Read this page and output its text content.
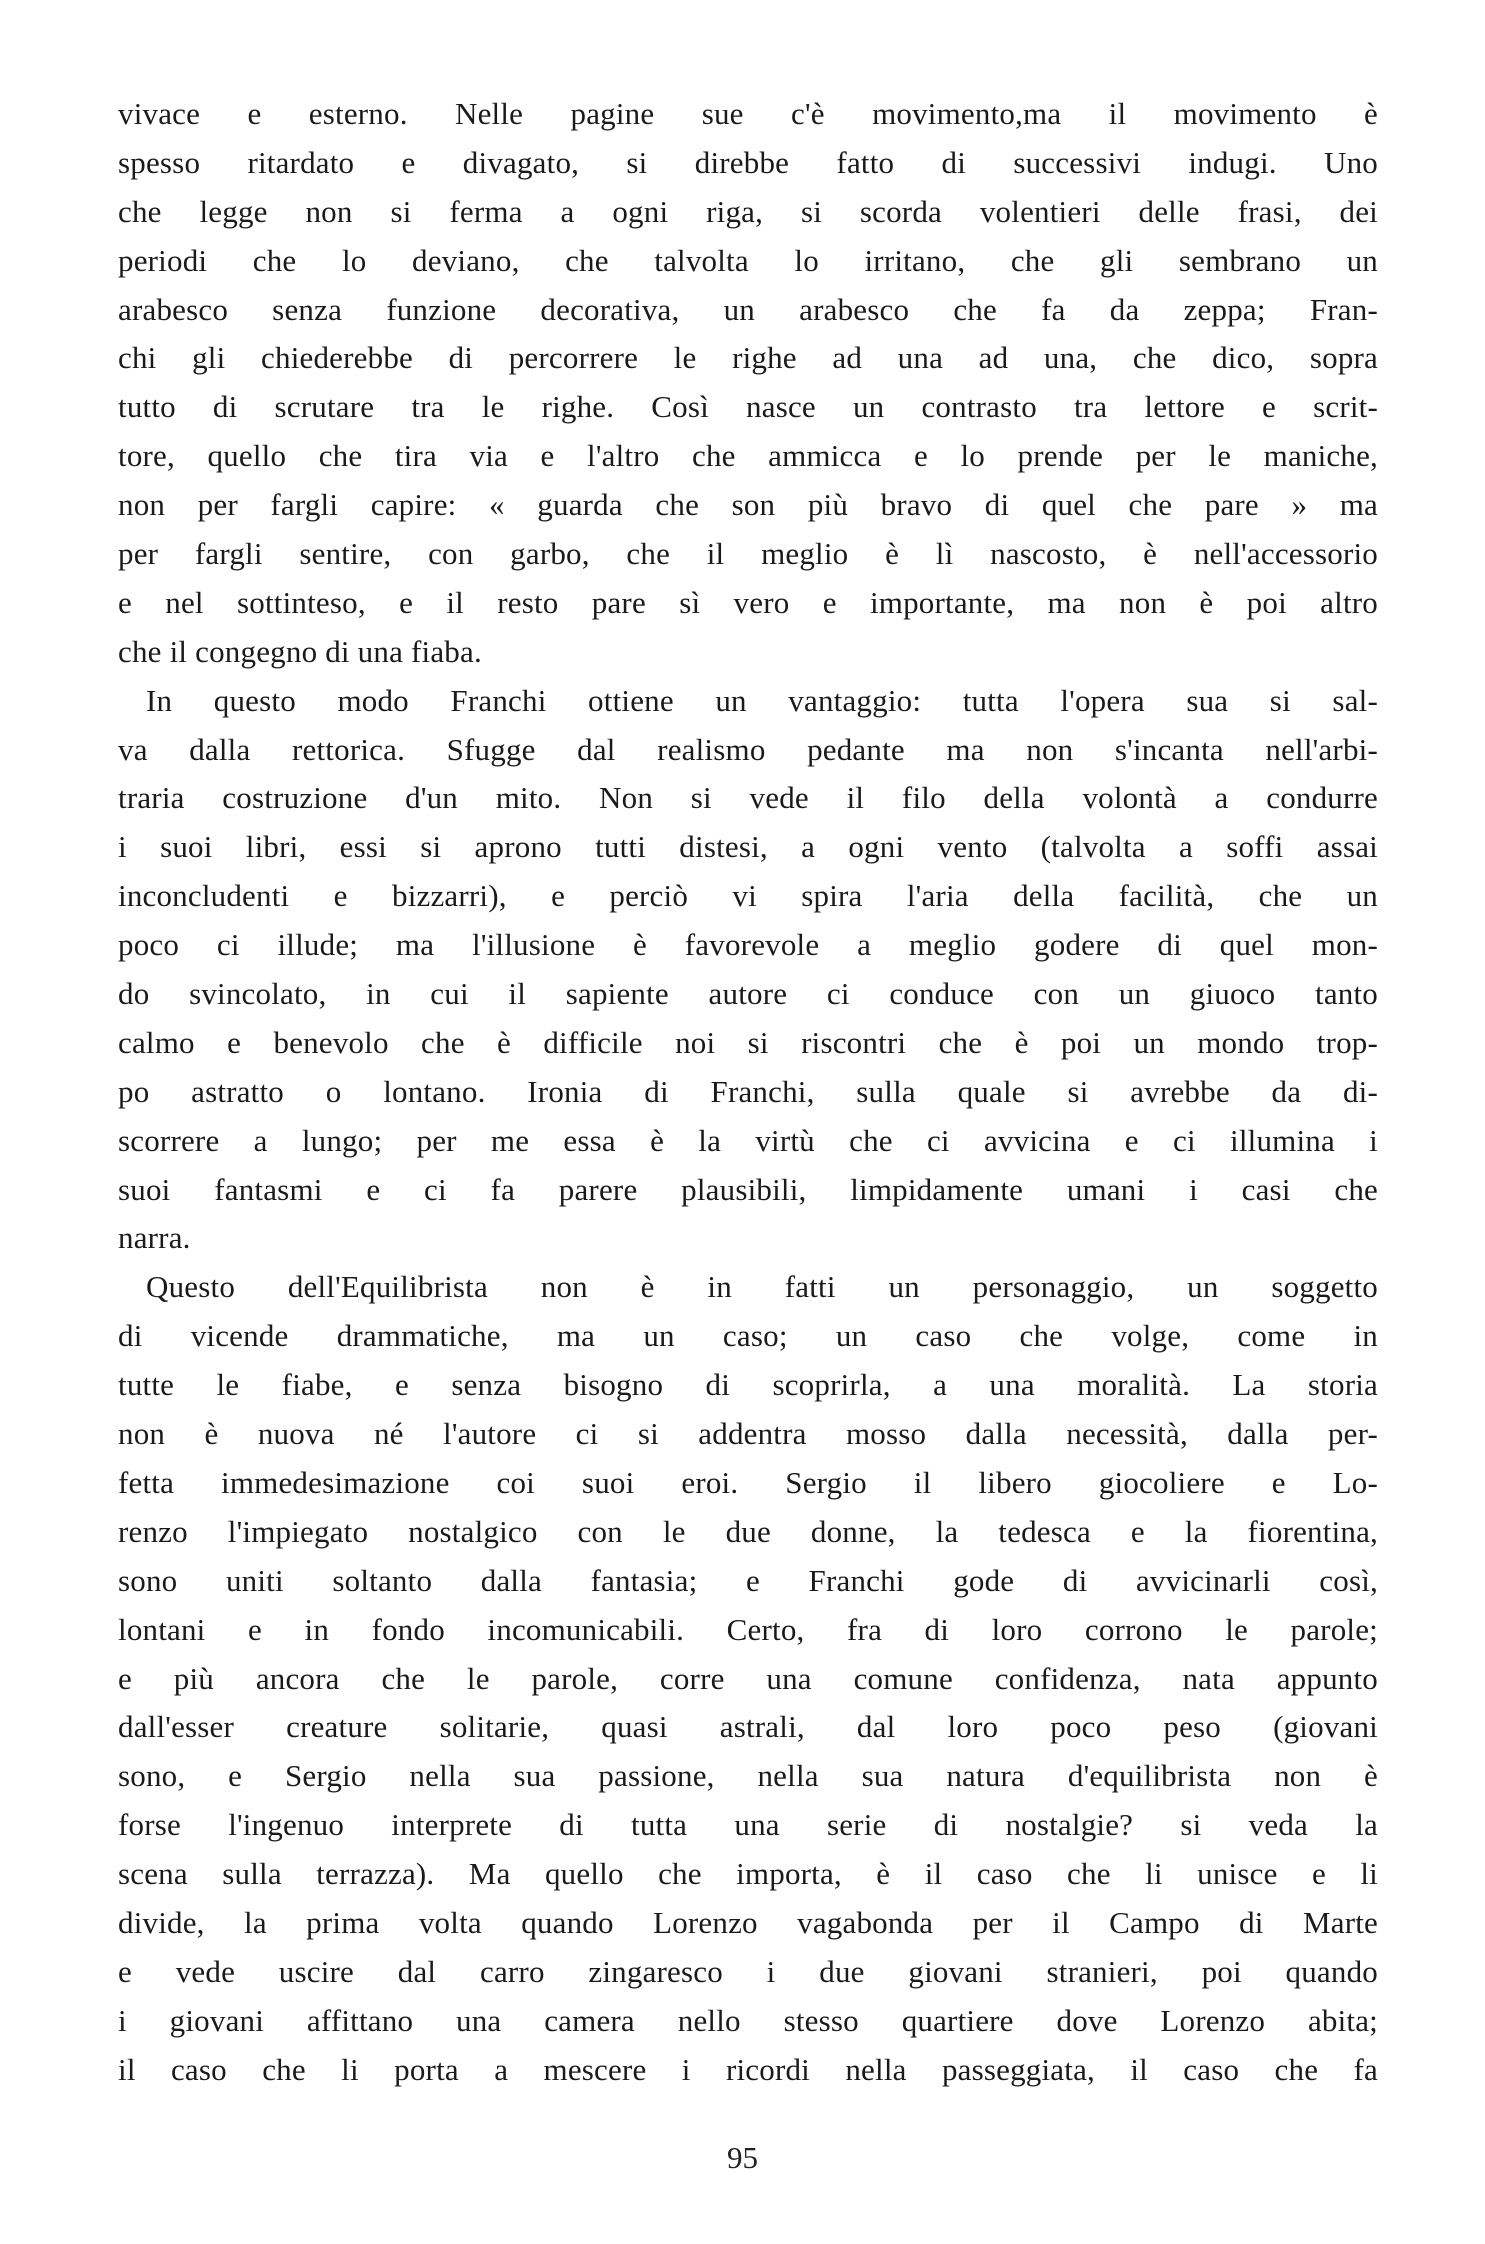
vivace e esterno. Nelle pagine sue c'è movimento,ma il movimento è
spesso ritardato e divagato, si direbbe fatto di successivi indugi. Uno
che legge non si ferma a ogni riga, si scorda volentieri delle frasi, dei
periodi che lo deviano, che talvolta lo irritano, che gli sembrano un
arabesco senza funzione decorativa, un arabesco che fa da zeppa; Fran-
chi gli chiederebbe di percorrere le righe ad una ad una, che dico, sopra
tutto di scrutare tra le righe. Così nasce un contrasto tra lettore e scrit-
tore, quello che tira via e l'altro che ammicca e lo prende per le maniche,
non per fargli capire: « guarda che son più bravo di quel che pare » ma
per fargli sentire, con garbo, che il meglio è lì nascosto, è nell'accessorio
e nel sottinteso, e il resto pare sì vero e importante, ma non è poi altro
che il congegno di una fiaba.
In questo modo Franchi ottiene un vantaggio: tutta l'opera sua si sal-
va dalla rettorica. Sfugge dal realismo pedante ma non s'incanta nell'arbi-
traria costruzione d'un mito. Non si vede il filo della volontà a condurre
i suoi libri, essi si aprono tutti distesi, a ogni vento (talvolta a soffi assai
inconcludenti e bizzarri), e perciò vi spira l'aria della facilità, che un
poco ci illude; ma l'illusione è favorevole a meglio godere di quel mon-
do svincolato, in cui il sapiente autore ci conduce con un giuoco tanto
calmo e benevolo che è difficile noi si riscontri che è poi un mondo trop-
po astratto o lontano. Ironia di Franchi, sulla quale si avrebbe da di-
scorrere a lungo; per me essa è la virtù che ci avvicina e ci illumina i
suoi fantasmi e ci fa parere plausibili, limpidamente umani i casi che
narra.
Questo dell'Equilibrista non è in fatti un personaggio, un soggetto
di vicende drammatiche, ma un caso; un caso che volge, come in
tutte le fiabe, e senza bisogno di scoprirla, a una moralità. La storia
non è nuova né l'autore ci si addentra mosso dalla necessità, dalla per-
fetta immedesimazione coi suoi eroi. Sergio il libero giocoliere e Lo-
renzo l'impiegato nostalgico con le due donne, la tedesca e la fiorentina,
sono uniti soltanto dalla fantasia; e Franchi gode di avvicinarli così,
lontani e in fondo incomunicabili. Certo, fra di loro corrono le parole;
e più ancora che le parole, corre una comune confidenza, nata appunto
dall'esser creature solitarie, quasi astrali, dal loro poco peso (giovani
sono, e Sergio nella sua passione, nella sua natura d'equilibrista non è
forse l'ingenuo interprete di tutta una serie di nostalgie? si veda la
scena sulla terrazza). Ma quello che importa, è il caso che li unisce e li
divide, la prima volta quando Lorenzo vagabonda per il Campo di Marte
e vede uscire dal carro zingaresco i due giovani stranieri, poi quando
i giovani affittano una camera nello stesso quartiere dove Lorenzo abita;
il caso che li porta a mescere i ricordi nella passeggiata, il caso che fa
95
